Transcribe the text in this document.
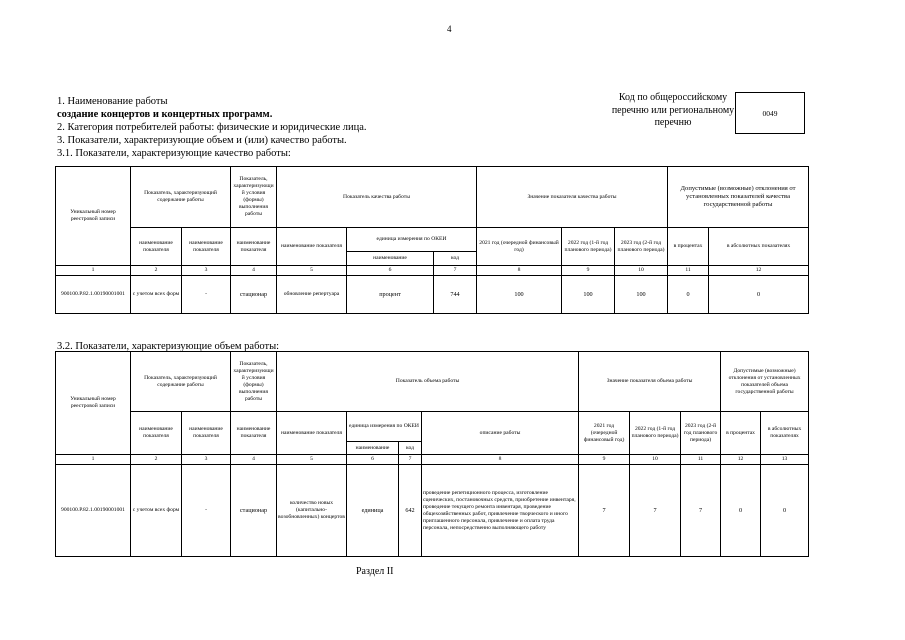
4
1. Наименование работы
создание концертов и концертных программ.
2. Категория потребителей работы: физические и юридические лица.
3. Показатели, характеризующие объем и (или) качество работы.
3.1. Показатели, характеризующие качество работы:
Код по общероссийскому
перечню или региональному
перечню
0049
Уникальный номер реестровой записи	Показатель, характеризующий содержание работы		Показатель, характеризующий условия (формы) выполнения работы	Показатель качества работы			Значение показателя качества работы			Допустимые (возможные) отклонения от установленных показателей качества государственной работы	
	наименование показателя	наименование показателя	наименование показателя	наименование показателя	единица измерения по ОКЕИ		2021 год (очередной финансовый год)	2022 год (1-й год планового периода)	2023 год (2-й год планового периода)	в процентах	в абсолютных показателях
					наименование	код					
1	2	3	4	5	6	7	8	9	10	11	12
900100.Р.82.1.00190001001	с учетом всех форм	-	стационар	обновление репертуара	процент	744	100	100	100	0	0
3.2. Показатели, характеризующие объем работы:
Уникальный номер реестровой записи	Показатель, характеризующий содержание работы		Показатель, характеризующий условия (формы) выполнения работы	Показатель объема работы				Значение показателя объема работы			Допустимые (возможные) отклонения от установленных показателей объема государственной работы	
	наименование показателя	наименование показателя	наименование показателя	наименование показателя	единица измерения по ОКЕИ		описание работы	2021 год (очередной финансовый год)	2022 год (1-й год планового периода)	2023 год (2-й год планового периода)	в процентах	в абсолютных показателях
					наименование	код						
1	2	3	4	5	6	7	8	9	10	11	12	13
900100.Р.82.1.00190001001	с учетом всех форм	-	стационар	количество новых (капитально-возобновленных) концертов	единица	642	проведение репетиционного процесса, изготовление сценических, постановочных средств, приобретение инвентаря, проведение текущего ремонта инвентаря, проведение общехозяйственных работ, привлечение творческого и иного приглашенного персонала, привлечение и оплата труда персонала, непосредственно выполняющего работу	7	7	7	0	0
Раздел II
